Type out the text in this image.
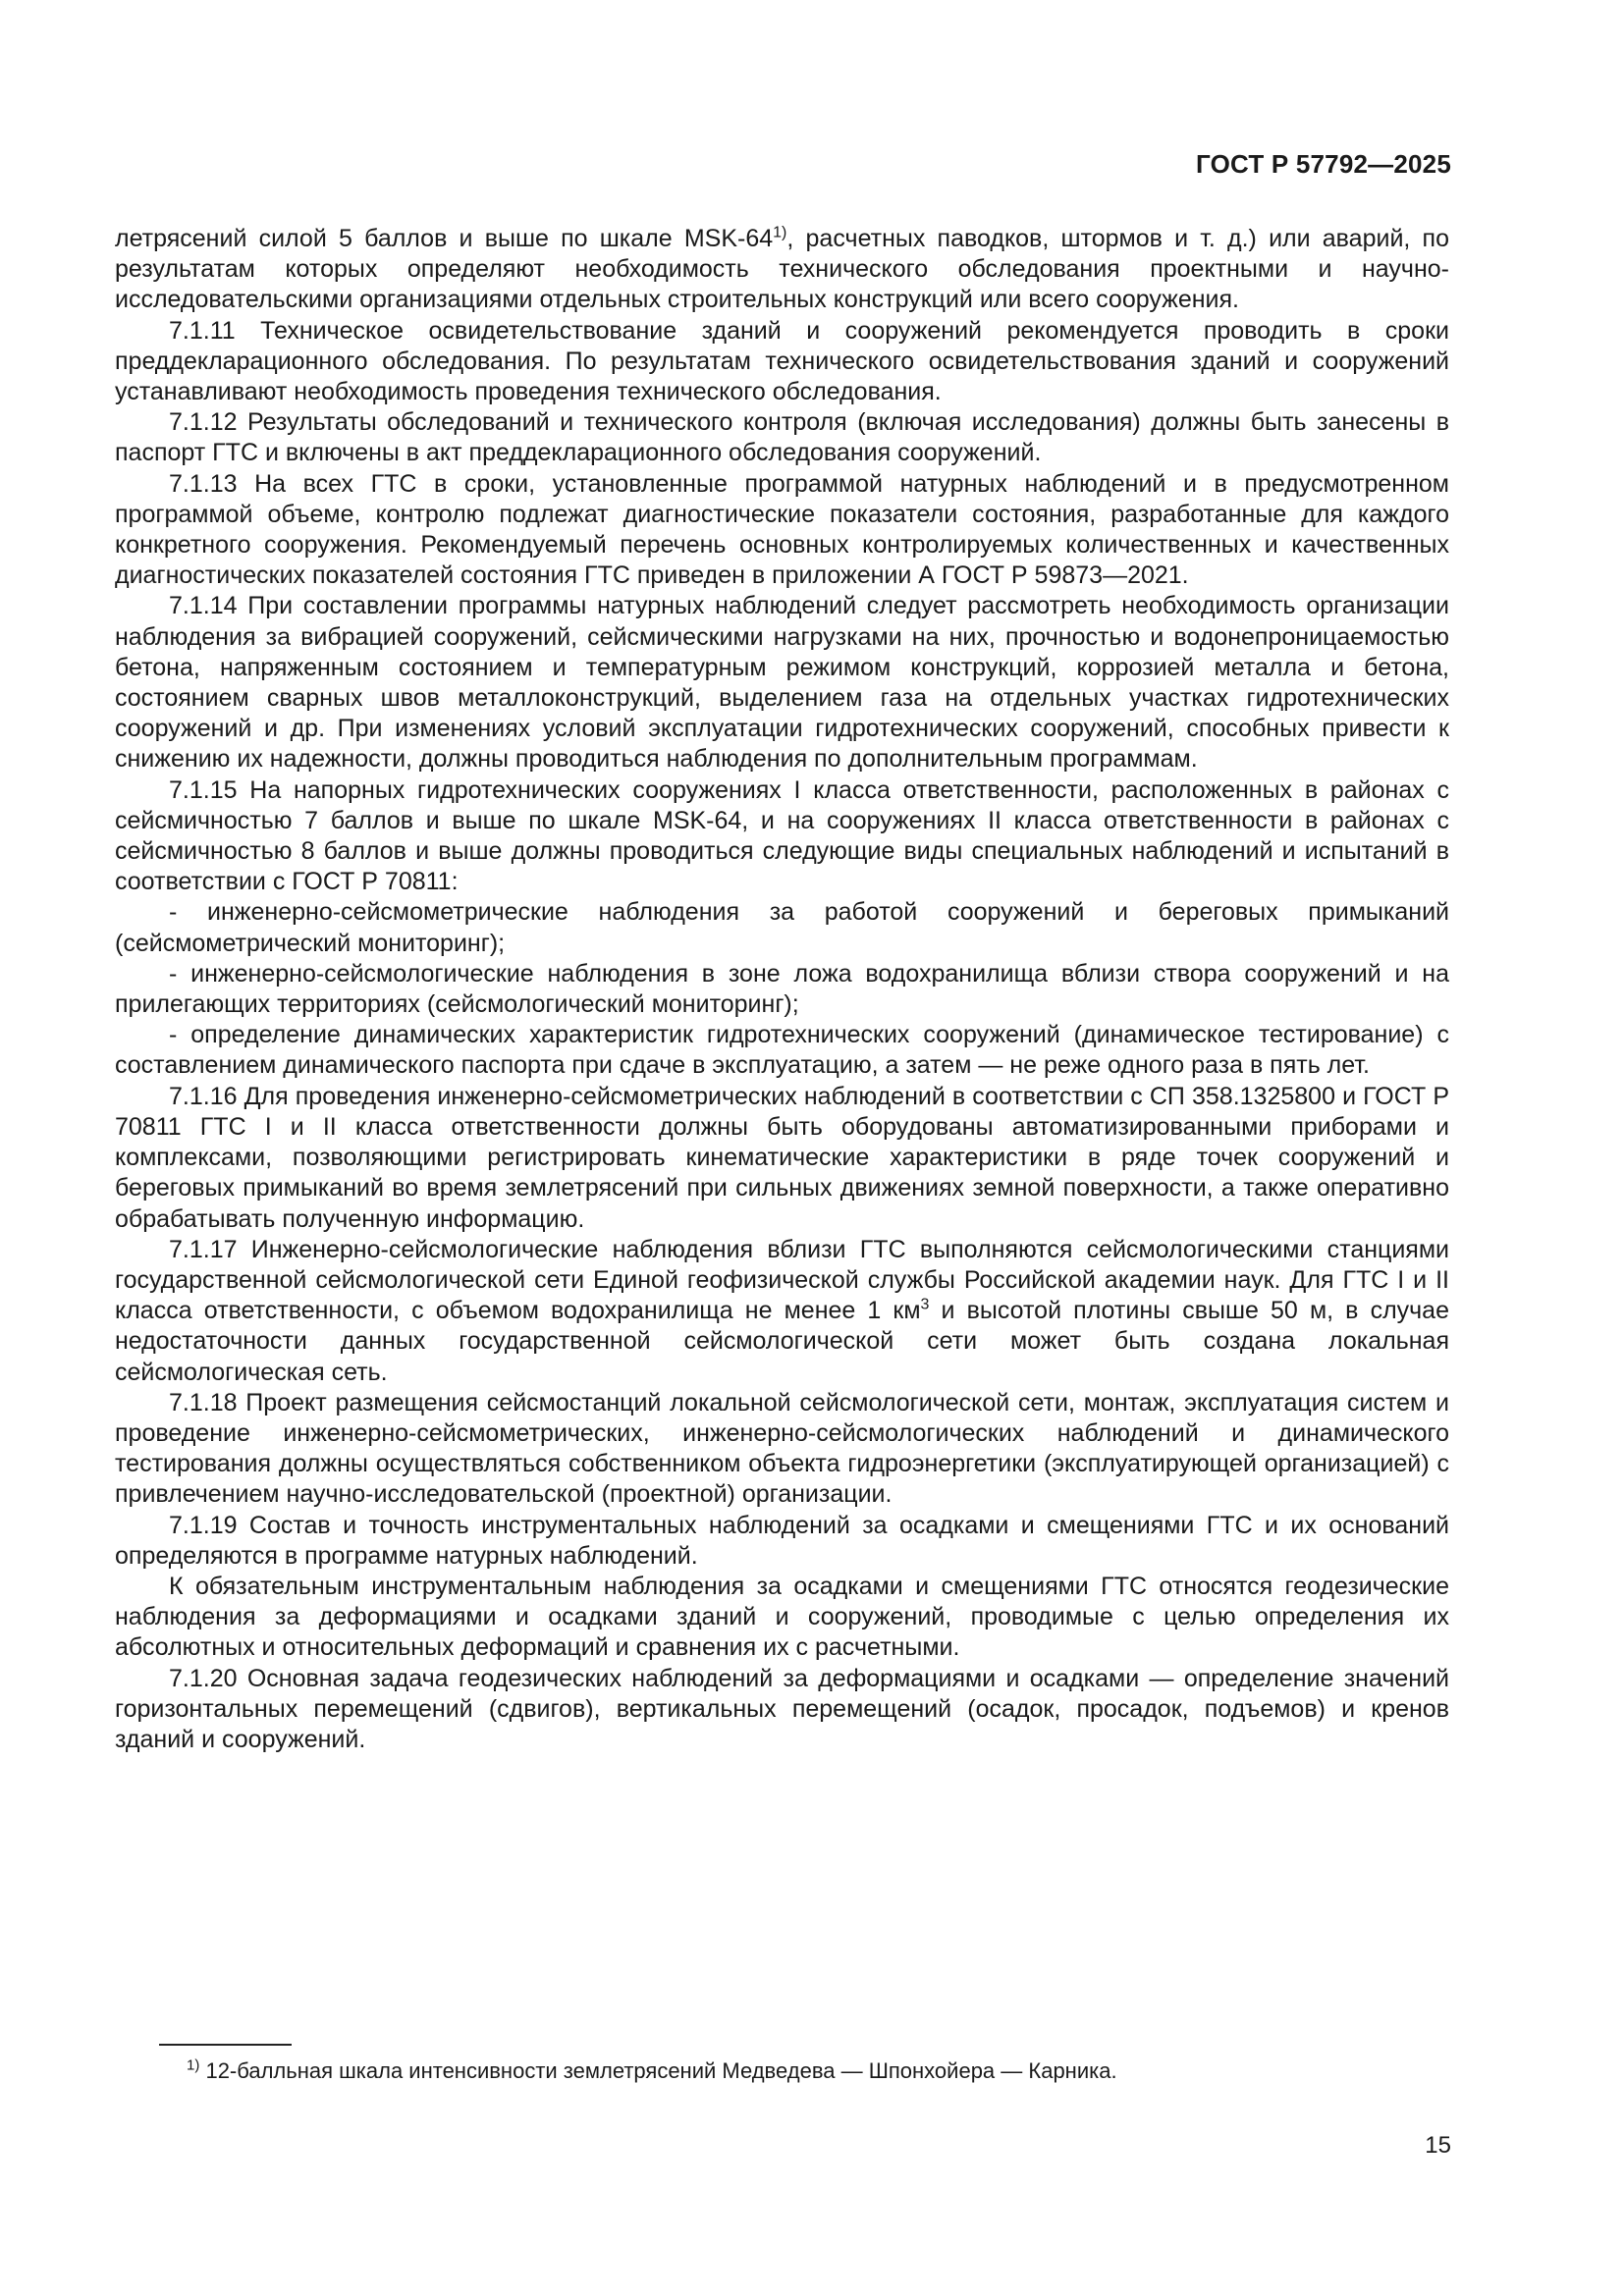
ГОСТ Р 57792—2025

летрясений силой 5 баллов и выше по шкале MSK-64$^{1)}$, расчетных паводков, штормов и т. д.) или аварий, по результатам которых определяют необходимость технического обследования проектными и научно-исследовательскими организациями отдельных строительных конструкций или всего сооружения.

7.1.11 Техническое освидетельствование зданий и сооружений рекомендуется проводить в сроки преддекларационного обследования. По результатам технического освидетельствования зданий и сооружений устанавливают необходимость проведения технического обследования.

7.1.12 Результаты обследований и технического контроля (включая исследования) должны быть занесены в паспорт ГТС и включены в акт преддекларационного обследования сооружений.

7.1.13 На всех ГТС в сроки, установленные программой натурных наблюдений и в предусмотренном программой объеме, контролю подлежат диагностические показатели состояния, разработанные для каждого конкретного сооружения. Рекомендуемый перечень основных контролируемых количественных и качественных диагностических показателей состояния ГТС приведен в приложении А ГОСТ Р 59873—2021.

7.1.14 При составлении программы натурных наблюдений следует рассмотреть необходимость организации наблюдения за вибрацией сооружений, сейсмическими нагрузками на них, прочностью и водонепроницаемостью бетона, напряженным состоянием и температурным режимом конструкций, коррозией металла и бетона, состоянием сварных швов металлоконструкций, выделением газа на отдельных участках гидротехнических сооружений и др. При изменениях условий эксплуатации гидротехнических сооружений, способных привести к снижению их надежности, должны проводиться наблюдения по дополнительным программам.

7.1.15 На напорных гидротехнических сооружениях I класса ответственности, расположенных в районах с сейсмичностью 7 баллов и выше по шкале MSK-64, и на сооружениях II класса ответственности в районах с сейсмичностью 8 баллов и выше должны проводиться следующие виды специальных наблюдений и испытаний в соответствии с ГОСТ Р 70811:

- инженерно-сейсмометрические наблюдения за работой сооружений и береговых примыканий (сейсмометрический мониторинг);

- инженерно-сейсмологические наблюдения в зоне ложа водохранилища вблизи створа сооружений и на прилегающих территориях (сейсмологический мониторинг);

- определение динамических характеристик гидротехнических сооружений (динамическое тестирование) с составлением динамического паспорта при сдаче в эксплуатацию, а затем — не реже одного раза в пять лет.

7.1.16 Для проведения инженерно-сейсмометрических наблюдений в соответствии с СП 358.1325800 и ГОСТ Р 70811 ГТС I и II класса ответственности должны быть оборудованы автоматизированными приборами и комплексами, позволяющими регистрировать кинематические характеристики в ряде точек сооружений и береговых примыканий во время землетрясений при сильных движениях земной поверхности, а также оперативно обрабатывать полученную информацию.

7.1.17 Инженерно-сейсмологические наблюдения вблизи ГТС выполняются сейсмологическими станциями государственной сейсмологической сети Единой геофизической службы Российской академии наук. Для ГТС I и II класса ответственности, с объемом водохранилища не менее 1 $км^3$ и высотой плотины свыше 50 м, в случае недостаточности данных государственной сейсмологической сети может быть создана локальная сейсмологическая сеть.

7.1.18 Проект размещения сейсмостанций локальной сейсмологической сети, монтаж, эксплуатация систем и проведение инженерно-сейсмометрических, инженерно-сейсмологических наблюдений и динамического тестирования должны осуществляться собственником объекта гидроэнергетики (эксплуатирующей организацией) с привлечением научно-исследовательской (проектной) организации.

7.1.19 Состав и точность инструментальных наблюдений за осадками и смещениями ГТС и их оснований определяются в программе натурных наблюдений.

К обязательным инструментальным наблюдения за осадками и смещениями ГТС относятся геодезические наблюдения за деформациями и осадками зданий и сооружений, проводимые с целью определения их абсолютных и относительных деформаций и сравнения их с расчетными.

7.1.20 Основная задача геодезических наблюдений за деформациями и осадками — определение значений горизонтальных перемещений (сдвигов), вертикальных перемещений (осадок, просадок, подъемов) и кренов зданий и сооружений.

$^{1)}$ 12-балльная шкала интенсивности землетрясений Медведева — Шпонхойера — Карника.
15
